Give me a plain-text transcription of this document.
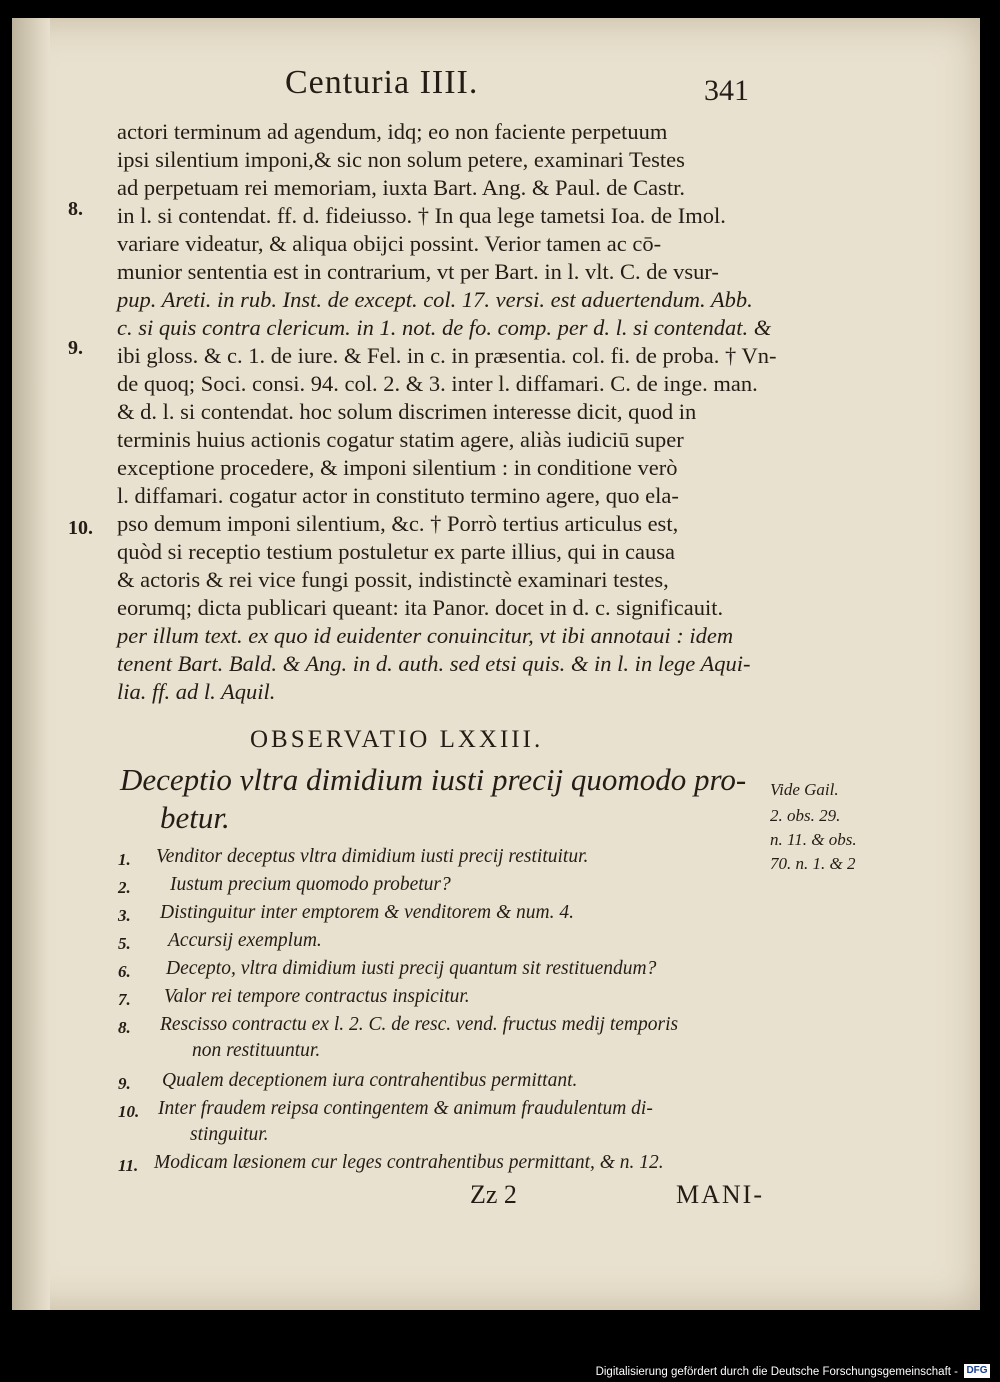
Centuria IIII.	341
8.
9.
10.
actori terminum ad agendum, idq; eo non faciente perpetuum
ipsi silentium imponi,& sic non solum petere, examinari Testes
ad perpetuam rei memoriam, iuxta Bart. Ang. & Paul. de Castr.
in l. si contendat. ff. d. fideiusso. † In qua lege tametsi Ioa. de Imol.
variare videatur, & aliqua obijci possint. Verior tamen ac cō-
munior sententia est in contrarium, vt per Bart. in l. vlt. C. de vsur-
pup. Areti. in rub. Inst. de except. col. 17. versi. est aduertendum. Abb.
c. si quis contra clericum. in 1. not. de fo. comp. per d. l. si contendat. &
ibi gloss. & c. 1. de iure. & Fel. in c. in præsentia. col. fi. de proba. † Vn-
de quoq; Soci. consi. 94. col. 2. & 3. inter l. diffamari. C. de inge. man.
& d. l. si contendat. hoc solum discrimen interesse dicit, quod in
terminis huius actionis cogatur statim agere, aliàs iudiciū super
exceptione procedere, & imponi silentium : in conditione verò
l. diffamari. cogatur actor in constituto termino agere, quo ela-
pso demum imponi silentium, &c. † Porrò tertius articulus est,
quòd si receptio testium postuletur ex parte illius, qui in causa
& actoris & rei vice fungi possit, indistinctè examinari testes,
eorumq; dicta publicari queant: ita Panor. docet in d. c. significauit.
per illum text. ex quo id euidenter conuincitur, vt ibi annotaui : idem
tenent Bart. Bald. & Ang. in d. auth. sed etsi quis. & in l. in lege Aqui-
lia. ff. ad l. Aquil.
OBSERVATIO LXXIII.
Deceptio vltra dimidium iusti precij quomodo pro-
betur.
Vide Gail.
2. obs. 29.
n. 11. & obs.
70. n. 1. & 2
1. Venditor deceptus vltra dimidium iusti precij restituitur.
2. Iustum precium quomodo probetur?
3. Distinguitur inter emptorem & venditorem & num. 4.
5. Accursij exemplum.
6. Decepto, vltra dimidium iusti precij quantum sit restituendum?
7. Valor rei tempore contractus inspicitur.
8. Rescisso contractu ex l. 2. C. de resc. vend. fructus medij temporis
non restituuntur.
9. Qualem deceptionem iura contrahentibus permittant.
10. Inter fraudem reipsa contingentem & animum fraudulentum di-
stinguitur.
11. Modicam læsionem cur leges contrahentibus permittant, & n. 12.
Zz 2	MANI-
Digitalisierung gefördert durch die Deutsche Forschungsgemeinschaft - DFG
